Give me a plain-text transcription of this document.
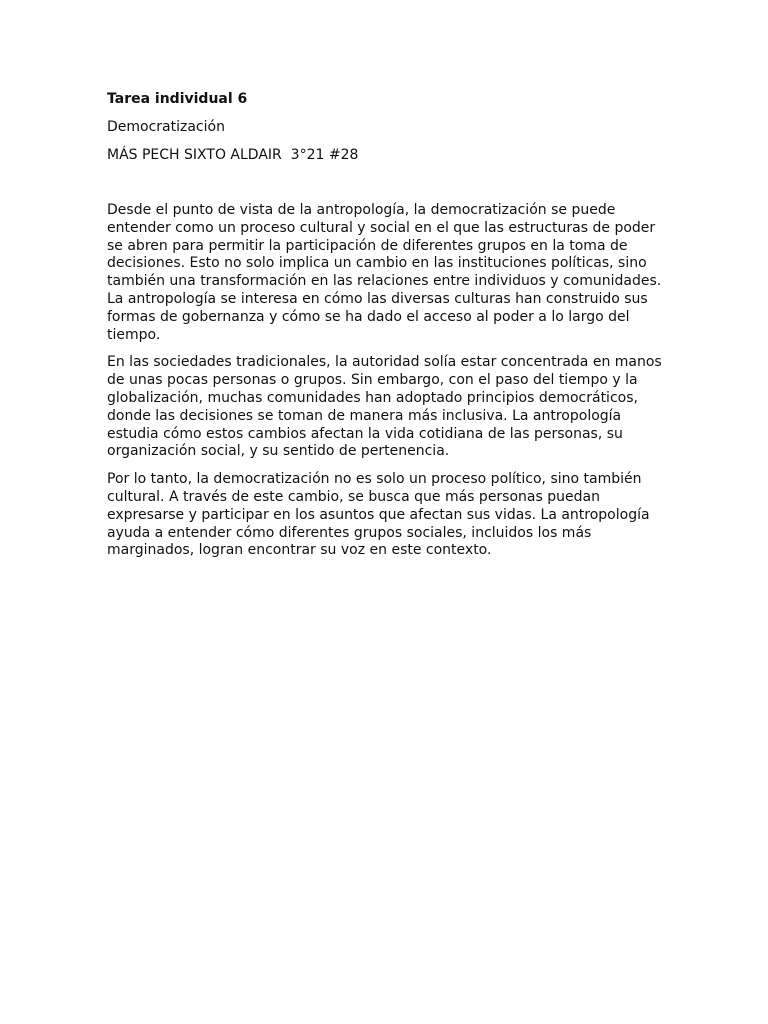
Tarea individual 6
Democratización
MÁS PECH SIXTO ALDAIR  3°21 #28

Desde el punto de vista de la antropología, la democratización se puede entender como un proceso cultural y social en el que las estructuras de poder se abren para permitir la participación de diferentes grupos en la toma de decisiones. Esto no solo implica un cambio en las instituciones políticas, sino también una transformación en las relaciones entre individuos y comunidades. La antropología se interesa en cómo las diversas culturas han construido sus formas de gobernanza y cómo se ha dado el acceso al poder a lo largo del tiempo.

En las sociedades tradicionales, la autoridad solía estar concentrada en manos de unas pocas personas o grupos. Sin embargo, con el paso del tiempo y la globalización, muchas comunidades han adoptado principios democráticos, donde las decisiones se toman de manera más inclusiva. La antropología estudia cómo estos cambios afectan la vida cotidiana de las personas, su organización social, y su sentido de pertenencia.

Por lo tanto, la democratización no es solo un proceso político, sino también cultural. A través de este cambio, se busca que más personas puedan expresarse y participar en los asuntos que afectan sus vidas. La antropología ayuda a entender cómo diferentes grupos sociales, incluidos los más marginados, logran encontrar su voz en este contexto.
